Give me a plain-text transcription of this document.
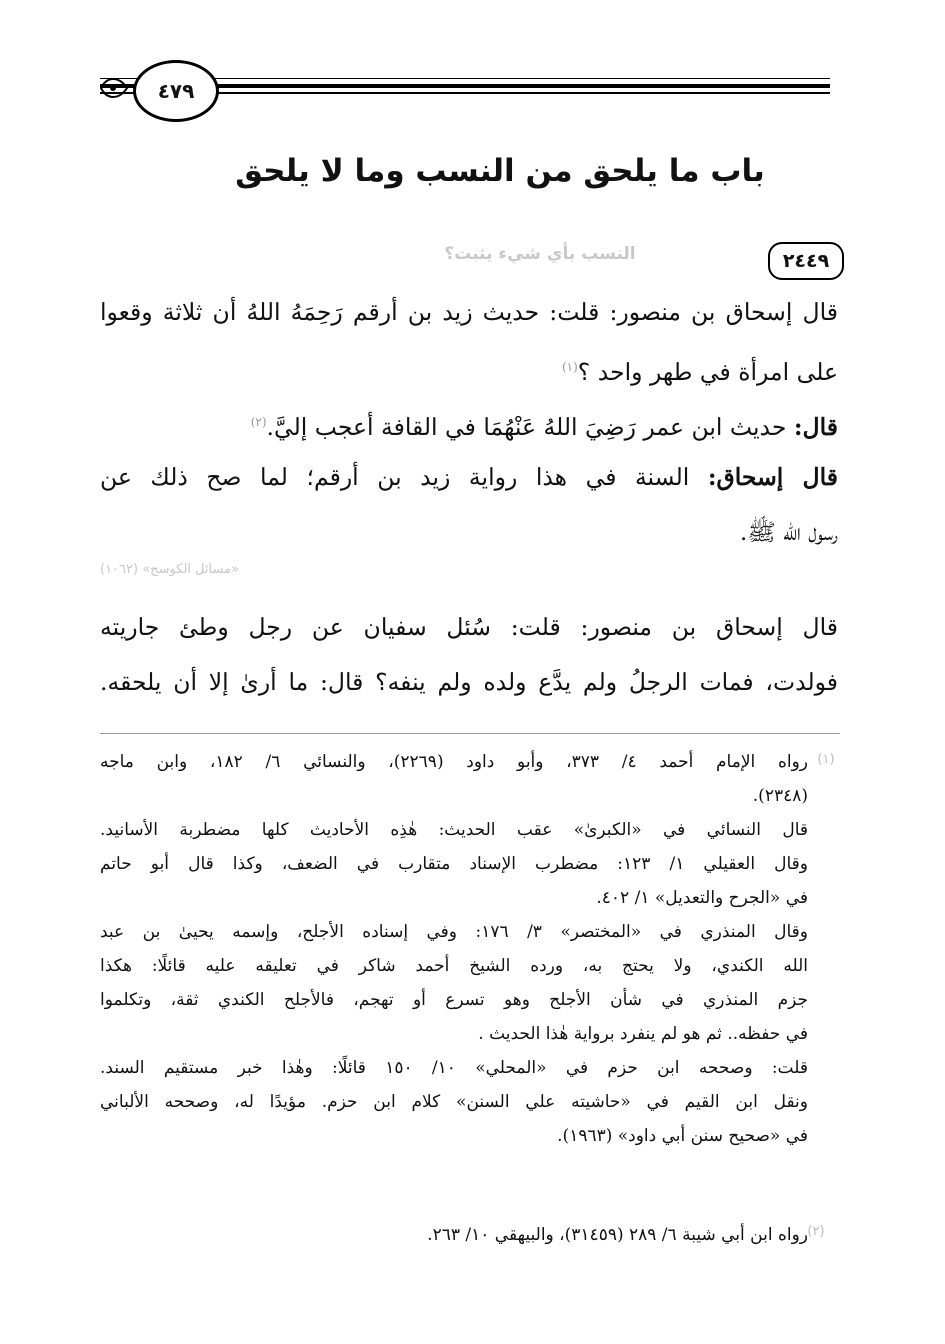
٤٧٩
باب ما يلحق من النسب وما لا يلحق
٢٤٤٩
النسب بأي شيء يثبت؟
قال إسحاق بن منصور: قلت: حديث زيد بن أرقم رَحِمَهُ اللهُ أن ثلاثة وقعوا
على امرأة في طهر واحد ؟$^{(١)}$
قال: حديث ابن عمر رَضِيَ اللهُ عَنْهُمَا في القافة أعجب إليَّ.$^{(٢)}$
قال إسحاق: السنة في هذا رواية زيد بن أرقم؛ لما صح ذلك عن
رسول الله ﷺ.
«مسائل الكوسج» (١٠٦٢)
قال إسحاق بن منصور: قلت: سُئل سفيان عن رجل وطئ جاريته
فولدت، فمات الرجلُ ولم يدَّع ولده ولم ينفه؟ قال: ما أرىٰ إلا أن يلحقه.
(١)
رواه الإمام أحمد ٤/ ٣٧٣، وأبو داود (٢٢٦٩)، والنسائي ٦/ ١٨٢، وابن ماجه
(٢٣٤٨).
قال النسائي في «الكبرىٰ» عقب الحديث: هٰذِه الأحاديث كلها مضطربة الأسانيد.
وقال العقيلي ١/ ١٢٣: مضطرب الإسناد متقارب في الضعف، وكذا قال أبو حاتم
في «الجرح والتعديل» ١/ ٤٠٢.
وقال المنذري في «المختصر» ٣/ ١٧٦: وفي إسناده الأجلح، وإسمه يحيىٰ بن عبد
الله الكندي، ولا يحتج به، ورده الشيخ أحمد شاكر في تعليقه عليه قائلًا: هكذا
جزم المنذري في شأن الأجلح وهو تسرع أو تهجم، فالأجلح الكندي ثقة، وتكلموا
في حفظه.. ثم هو لم ينفرد برواية هٰذا الحديث .
قلت: وصححه ابن حزم في «المحلي» ١٠/ ١٥٠ قائلًا: وهٰذا خبر مستقيم السند.
ونقل ابن القيم في «حاشيته علي السنن» كلام ابن حزم. مؤيدًا له، وصححه الألباني
في «صحيح سنن أبي داود» (١٩٦٣).
(٢)
رواه ابن أبي شيبة ٦/ ٢٨٩ (٣١٤٥٩)، والبيهقي ١٠/ ٢٦٣.
